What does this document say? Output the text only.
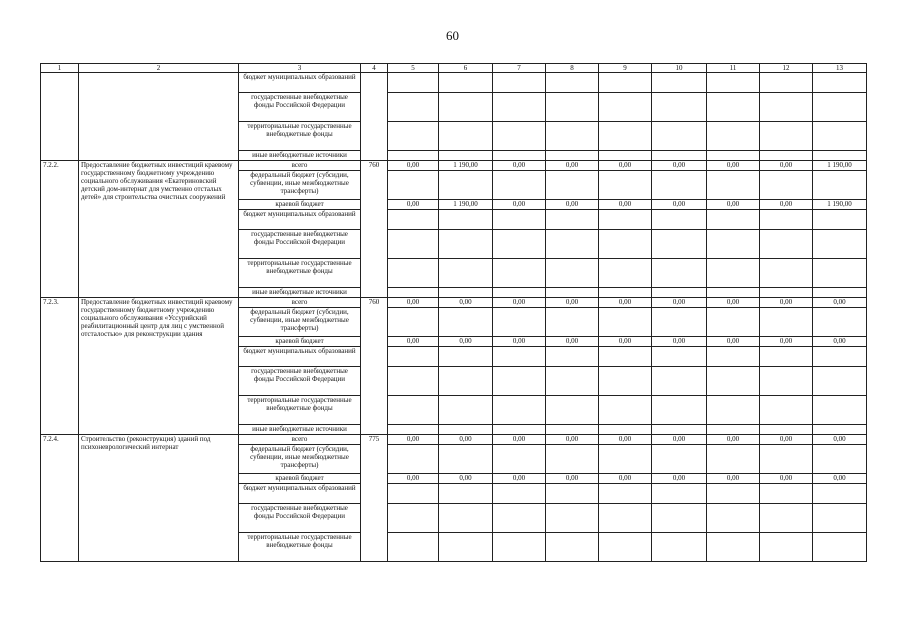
60
1	2	3	4	5	6	7	8	9	10	11	12	13
		бюджет муниципальных образований										
		государственные внебюджетные фонды Российской Федерации										
		территориальные государственные внебюджетные фонды										
		иные внебюджетные источники										
7.2.2.	Предоставление бюджетных инвестиций краевому государственному бюджетному учреждению социального обслуживания «Екатериновский детский дом-интернат для умственно отсталых детей» для строительства очистных сооружений	всего	760	0,00	1 190,00	0,00	0,00	0,00	0,00	0,00	0,00	1 190,00
		федеральный бюджет (субсидии, субвенции, иные межбюджетные трансферты)										
		краевой бюджет		0,00	1 190,00	0,00	0,00	0,00	0,00	0,00	0,00	1 190,00
		бюджет муниципальных образований										
		государственные внебюджетные фонды Российской Федерации										
		территориальные государственные внебюджетные фонды										
		иные внебюджетные источники										
7.2.3.	Предоставление бюджетных инвестиций краевому государственному бюджетному учреждению социального обслуживания «Уссурийский реабилитационный центр для лиц с умственной отсталостью» для реконструкции здания	всего	760	0,00	0,00	0,00	0,00	0,00	0,00	0,00	0,00	0,00
		федеральный бюджет (субсидии, субвенции, иные межбюджетные трансферты)										
		краевой бюджет		0,00	0,00	0,00	0,00	0,00	0,00	0,00	0,00	0,00
		бюджет муниципальных образований										
		государственные внебюджетные фонды Российской Федерации										
		территориальные государственные внебюджетные фонды										
		иные внебюджетные источники										
7.2.4.	Строительство (реконструкция) зданий под психоневрологический интернат	всего	775	0,00	0,00	0,00	0,00	0,00	0,00	0,00	0,00	0,00
		федеральный бюджет (субсидии, субвенции, иные межбюджетные трансферты)										
		краевой бюджет		0,00	0,00	0,00	0,00	0,00	0,00	0,00	0,00	0,00
		бюджет муниципальных образований										
		государственные внебюджетные фонды Российской Федерации										
		территориальные государственные внебюджетные фонды										
